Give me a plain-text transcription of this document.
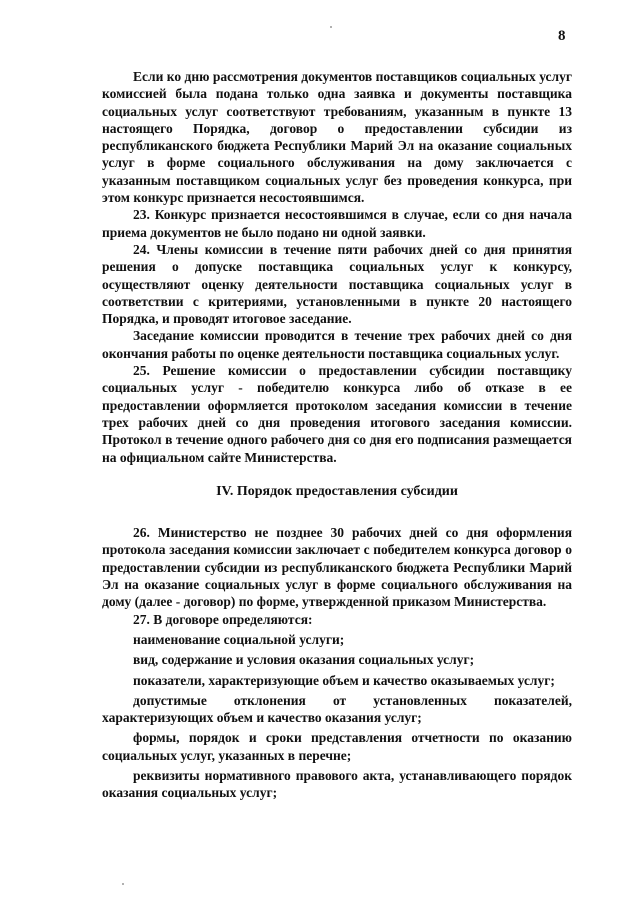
8

Если ко дню рассмотрения документов поставщиков социальных услуг комиссией была подана только одна заявка и документы поставщика социальных услуг соответствуют требованиям, указанным в пункте 13 настоящего Порядка, договор о предоставлении субсидии из республиканского бюджета Республики Марий Эл на оказание социальных услуг в форме социального обслуживания на дому заключается с указанным поставщиком социальных услуг без проведения конкурса, при этом конкурс признается несостоявшимся.

23. Конкурс признается несостоявшимся в случае, если со дня начала приема документов не было подано ни одной заявки.

24. Члены комиссии в течение пяти рабочих дней со дня принятия решения о допуске поставщика социальных услуг к конкурсу, осуществляют оценку деятельности поставщика социальных услуг в соответствии с критериями, установленными в пункте 20 настоящего Порядка, и проводят итоговое заседание.

Заседание комиссии проводится в течение трех рабочих дней со дня окончания работы по оценке деятельности поставщика социальных услуг.

25. Решение комиссии о предоставлении субсидии поставщику социальных услуг - победителю конкурса либо об отказе в ее предоставлении оформляется протоколом заседания комиссии в течение трех рабочих дней со дня проведения итогового заседания комиссии. Протокол в течение одного рабочего дня со дня его подписания размещается на официальном сайте Министерства.

IV. Порядок предоставления субсидии

26. Министерство не позднее 30 рабочих дней со дня оформления протокола заседания комиссии заключает с победителем конкурса договор о предоставлении субсидии из республиканского бюджета Республики Марий Эл на оказание социальных услуг в форме социального обслуживания на дому (далее - договор) по форме, утвержденной приказом Министерства.

27. В договоре определяются:

наименование социальной услуги;

вид, содержание и условия оказания социальных услуг;

показатели, характеризующие объем и качество оказываемых услуг;

допустимые отклонения от установленных показателей, характеризующих объем и качество оказания услуг;

формы, порядок и сроки представления отчетности по оказанию социальных услуг, указанных в перечне;

реквизиты нормативного правового акта, устанавливающего порядок оказания социальных услуг;
